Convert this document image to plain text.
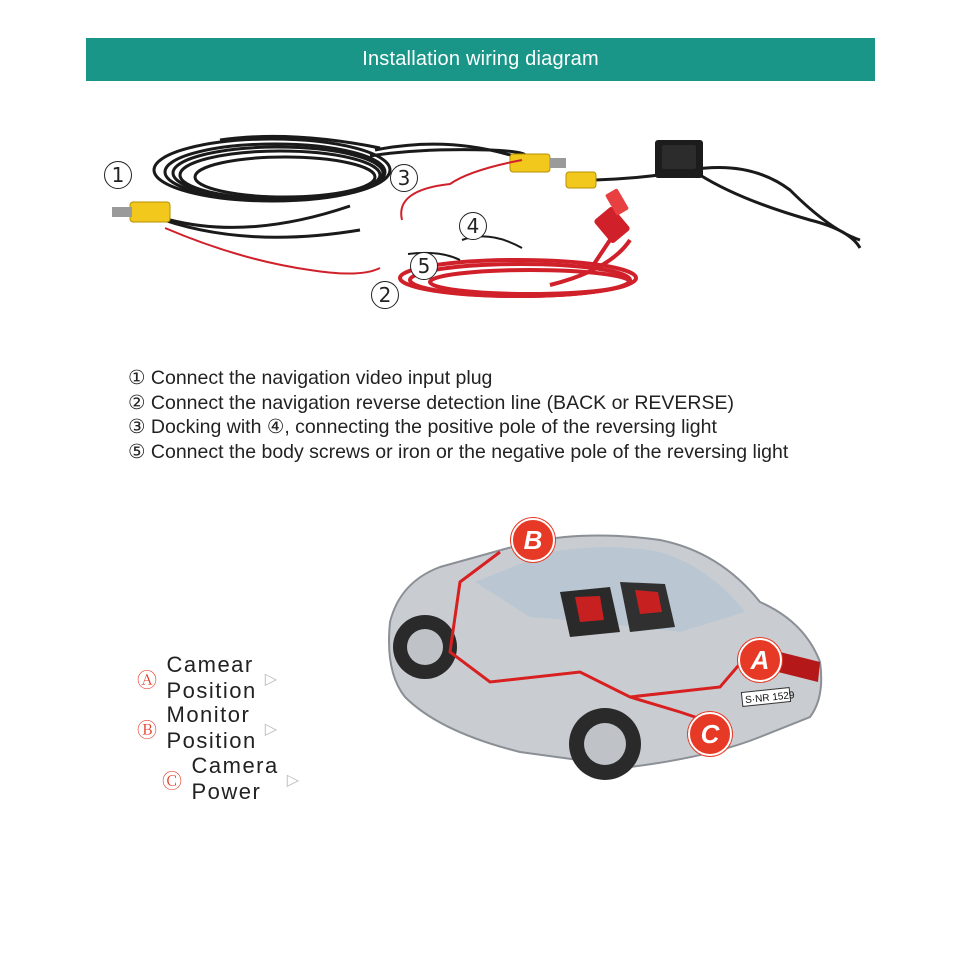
Installation wiring diagram
1
2
3
4
5
① Connect the navigation video input plug
② Connect the navigation reverse detection line (BACK or REVERSE)
③ Docking with ④, connecting the positive pole of the reversing light
⑤ Connect the body screws or iron or the negative pole of the reversing light
Ⓐ
Camear Position ▷
Ⓑ
Monitor Position ▷
Ⓒ
Camera Power	▷
S·NR 1529
B
A
C
